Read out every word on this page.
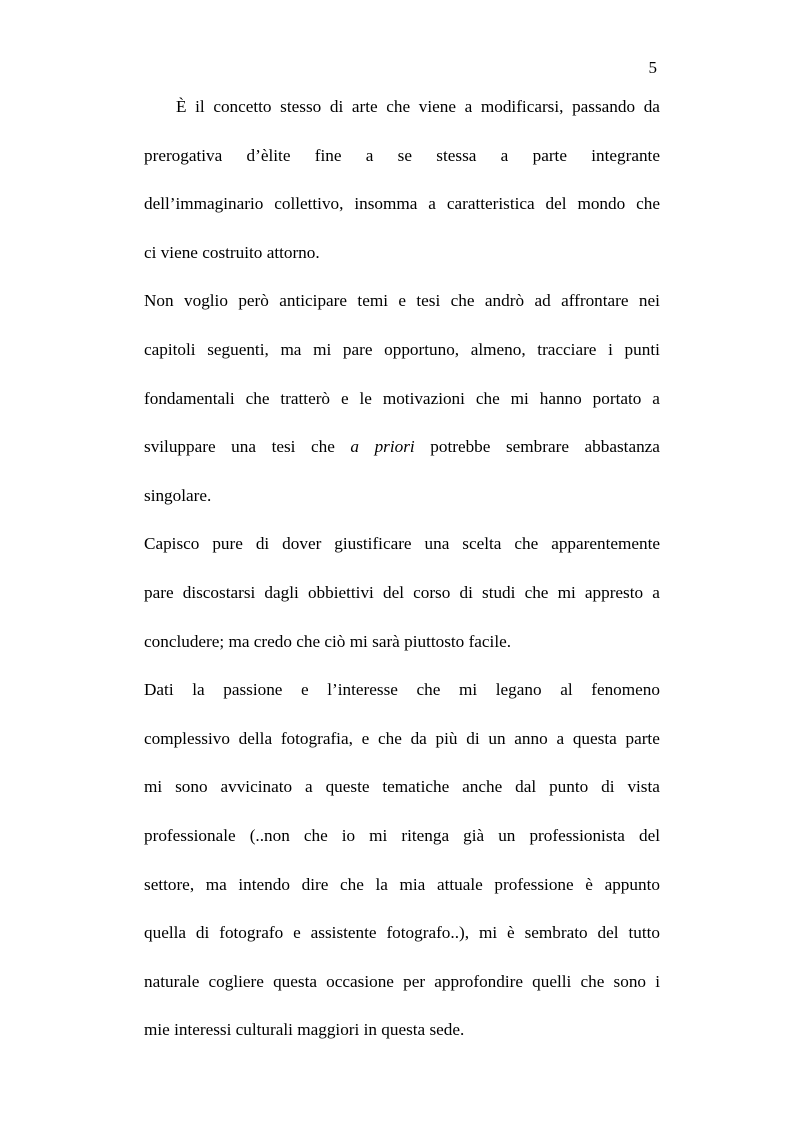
5
È il concetto stesso di arte che viene a modificarsi, passando da
prerogativa d’èlite fine a se stessa a parte integrante
dell’immaginario collettivo, insomma a caratteristica del mondo che
ci viene costruito attorno.
Non voglio però anticipare temi e tesi che andrò ad affrontare nei
capitoli seguenti, ma mi pare opportuno, almeno, tracciare i punti
fondamentali che tratterò e le motivazioni che mi hanno portato a
sviluppare una tesi che a priori potrebbe sembrare abbastanza
singolare.
Capisco pure di dover giustificare una scelta che apparentemente
pare discostarsi dagli obbiettivi del corso di studi che mi appresto a
concludere; ma credo che ciò mi sarà piuttosto facile.
Dati la passione e l’interesse che mi legano al fenomeno
complessivo della fotografia, e che da più di un anno a questa parte
mi sono avvicinato a queste tematiche anche dal punto di vista
professionale (..non che io mi ritenga già un professionista del
settore, ma intendo dire che la mia attuale professione è appunto
quella di fotografo e assistente fotografo..), mi è sembrato del tutto
naturale cogliere questa occasione per approfondire quelli che sono i
mie interessi culturali maggiori in questa sede.
